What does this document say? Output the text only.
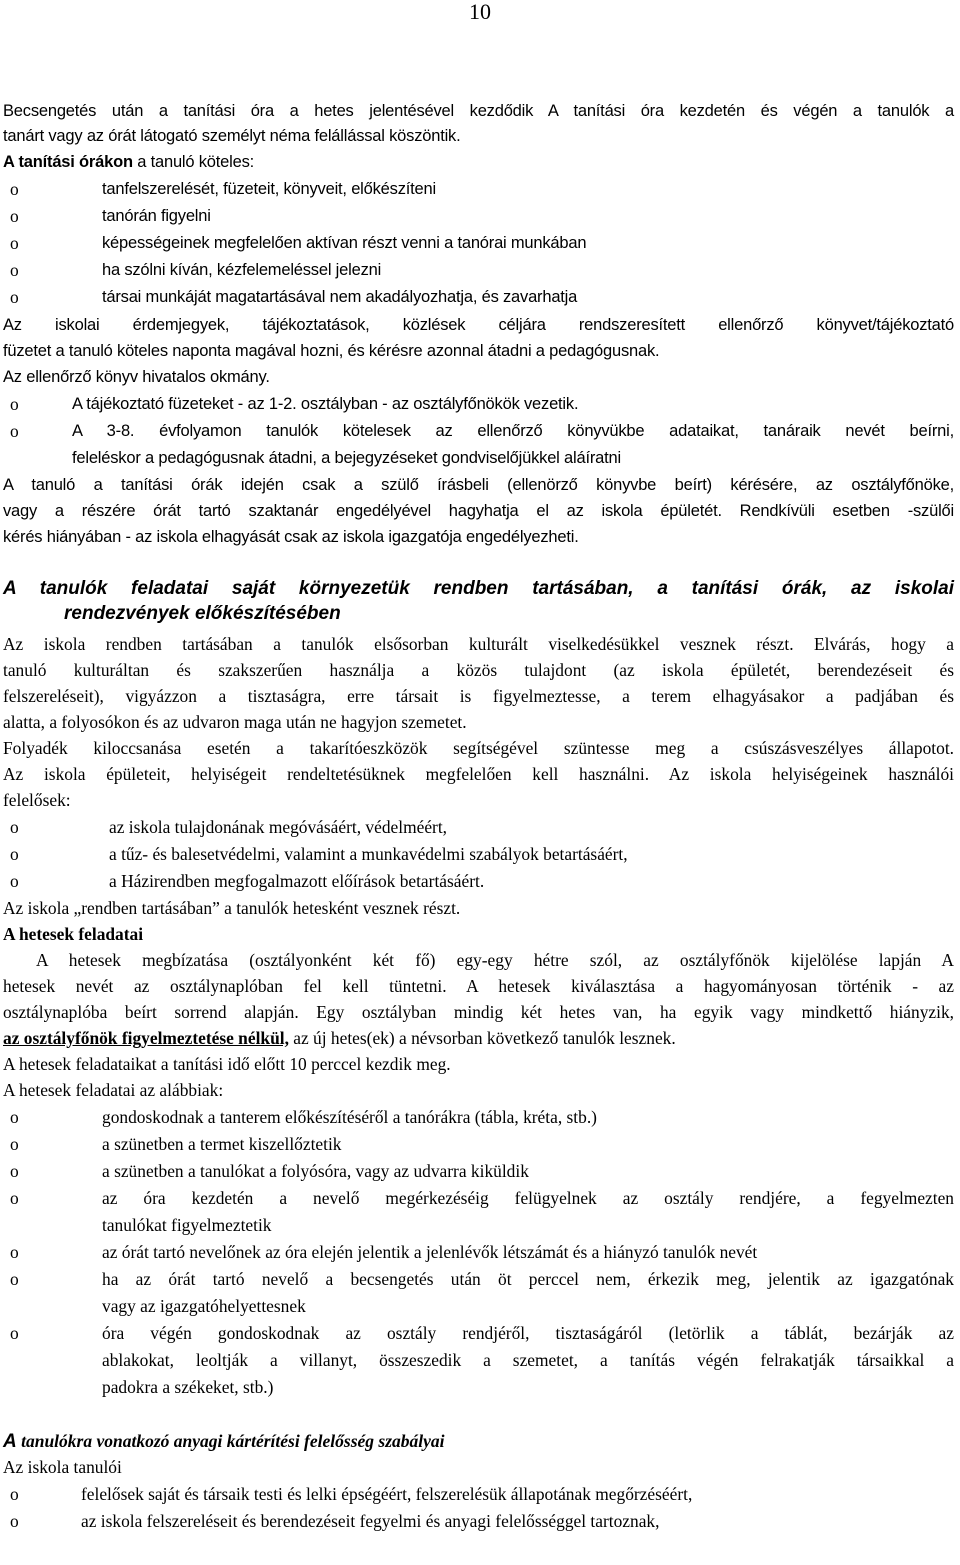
10
Becsengetés után a tanítási óra a hetes jelentésével kezdődik A tanítási óra kezdetén és végén a tanulók a
tanárt vagy az órát látogató személyt néma felállással köszöntik.
A tanítási órákon a tanuló köteles:
o	tanfelszerelését, füzeteit, könyveit, előkészíteni
o	tanórán figyelni
o	képességeinek megfelelően aktívan részt venni a tanórai munkában
o	ha szólni kíván, kézfelemeléssel jelezni
o	társai munkáját magatartásával nem akadályozhatja, és zavarhatja
Az iskolai érdemjegyek, tájékoztatások, közlések céljára rendszeresített ellenőrző könyvet/tájékoztató
füzetet a tanuló köteles naponta magával hozni, és kérésre azonnal átadni a pedagógusnak.
Az ellenőrző könyv hivatalos okmány.
o	A tájékoztató füzeteket - az 1-2. osztályban - az osztályfőnökök vezetik.
o	A 3-8. évfolyamon tanulók kötelesek az ellenőrző könyvükbe adataikat, tanáraik nevét beírni,
feleléskor a pedagógusnak átadni, a bejegyzéseket gondviselőjükkel aláíratni
A tanuló a tanítási órák idején csak a szülő írásbeli (ellenörző könyvbe beírt) kérésére, az osztályfőnöke,
vagy a részére órát tartó szaktanár engedélyével hagyhatja el az iskola épületét. Rendkívüli esetben -szülői
kérés hiányában - az iskola elhagyását csak az iskola igazgatója engedélyezheti.
A tanulók feladatai saját környezetük rendben tartásában, a tanítási órák, az iskolai
rendezvények előkészítésében
Az iskola rendben tartásában a tanulók elsősorban kulturált viselkedésükkel vesznek részt. Elvárás, hogy a
tanuló kulturáltan és szakszerűen használja a közös tulajdont (az iskola épületét, berendezéseit és
felszereléseit), vigyázzon a tisztaságra, erre társait is figyelmeztesse, a terem elhagyásakor a padjában és
alatta, a folyosókon és az udvaron maga után ne hagyjon szemetet.
Folyadék kiloccsanása esetén a takarítóeszközök segítségével szüntesse meg a csúszásveszélyes állapotot.
Az iskola épületeit, helyiségeit rendeltetésüknek megfelelően kell használni. Az iskola helyiségeinek használói
felelősek:
o	az iskola tulajdonának megóvásáért, védelméért,
o	a tűz- és balesetvédelmi, valamint a munkavédelmi szabályok betartásáért,
o	a Házirendben megfogalmazott előírások betartásáért.
Az iskola „rendben tartásában” a tanulók hetesként vesznek részt.
A hetesek feladatai
A hetesek megbízatása (osztályonként két fő) egy-egy hétre szól, az osztályfőnök kijelölése lapján A
hetesek nevét az osztálynaplóban fel kell tüntetni. A hetesek kiválasztása a hagyományosan történik - az
osztálynaplóba beírt sorrend alapján. Egy osztályban mindig két hetes van, ha egyik vagy mindkettő hiányzik,
az osztályfőnök figyelmeztetése nélkül, az új hetes(ek) a névsorban következő tanulók lesznek.
A hetesek feladataikat a tanítási idő előtt 10 perccel kezdik meg.
A hetesek feladatai az alábbiak:
o	gondoskodnak a tanterem előkészítéséről a tanórákra (tábla, kréta, stb.)
o	a szünetben a termet kiszellőztetik
o	a szünetben a tanulókat a folyósóra, vagy az udvarra kiküldik
o	az óra kezdetén a nevelő megérkezéséig felügyelnek az osztály rendjére, a fegyelmezten
tanulókat figyelmeztetik
o	az órát tartó nevelőnek az óra elején jelentik a jelenlévők létszámát és a hiányzó tanulók nevét
o	ha az órát tartó nevelő a becsengetés után öt perccel nem, érkezik meg, jelentik az igazgatónak
vagy az igazgatóhelyettesnek
o	óra végén gondoskodnak az osztály rendjéről, tisztaságáról (letörlik a táblát, bezárják az
ablakokat, leoltják a villanyt, összeszedik a szemetet, a tanítás végén felrakatják társaikkal a
padokra a székeket, stb.)
A tanulókra vonatkozó anyagi kártérítési felelősség szabályai
Az iskola tanulói
o	felelősek saját és társaik testi és lelki épségéért, felszerelésük állapotának megőrzéséért,
o	az iskola felszereléseit és berendezéseit fegyelmi és anyagi felelősséggel tartoznak,
